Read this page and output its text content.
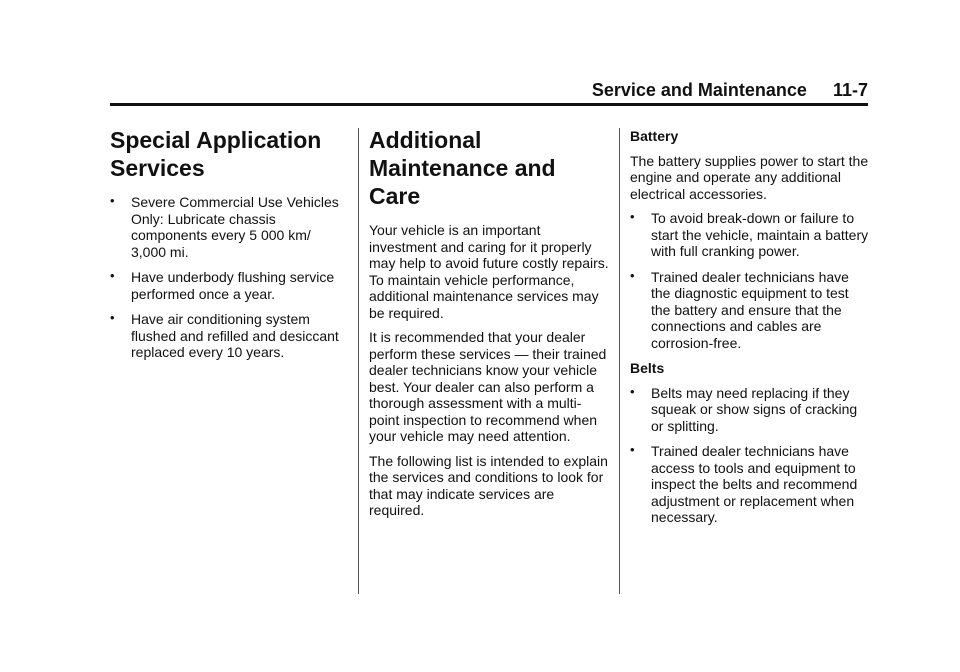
Service and Maintenance 11-7
Special Application Services
• Severe Commercial Use Vehicles Only: Lubricate chassis components every 5 000 km/ 3,000 mi.
• Have underbody flushing service performed once a year.
• Have air conditioning system flushed and refilled and desiccant replaced every 10 years.
Additional Maintenance and Care

Your vehicle is an important investment and caring for it properly may help to avoid future costly repairs. To maintain vehicle performance, additional maintenance services may be required.

It is recommended that your dealer perform these services — their trained dealer technicians know your vehicle best. Your dealer can also perform a thorough assessment with a multi-point inspection to recommend when your vehicle may need attention.

The following list is intended to explain the services and conditions to look for that may indicate services are required.

Battery

The battery supplies power to start the engine and operate any additional electrical accessories.

• To avoid break-down or failure to start the vehicle, maintain a battery with full cranking power.
• Trained dealer technicians have the diagnostic equipment to test the battery and ensure that the connections and cables are corrosion-free.
Belts
• Belts may need replacing if they squeak or show signs of cracking or splitting.
• Trained dealer technicians have access to tools and equipment to inspect the belts and recommend adjustment or replacement when necessary.
